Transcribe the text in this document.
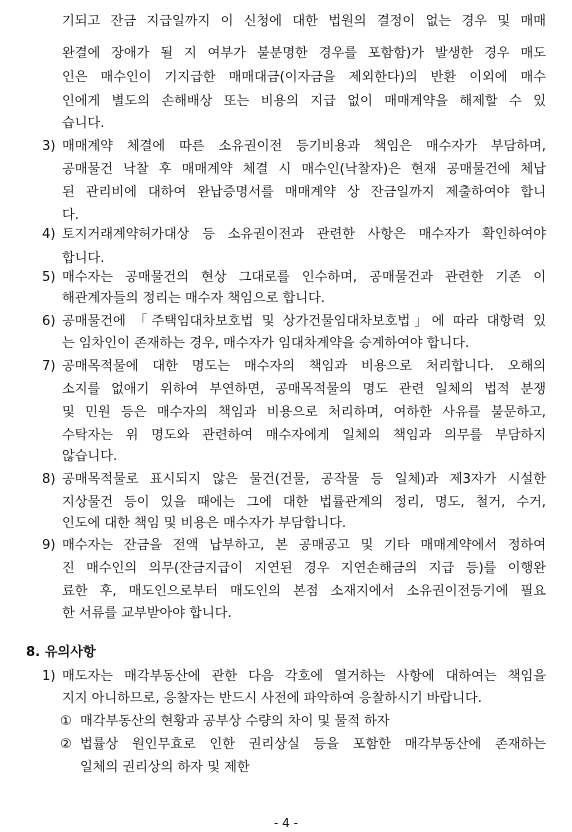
기되고 잔금 지급일까지 이 신청에 대한 법원의 결정이 없는 경우 및 매매
완결에 장애가 될 지 여부가 불분명한 경우를 포함함)가 발생한 경우 매도
인은 매수인이 기지급한 매매대금(이자금을 제외한다)의 반환 이외에 매수
인에게 별도의 손해배상 또는 비용의 지급 없이 매매계약을 해제할 수 있
습니다.
3) 매매계약 체결에 따른 소유권이전 등기비용과 책임은 매수자가 부담하며,
공매물건 낙찰 후 매매계약 체결 시 매수인(낙찰자)은 현재 공매물건에 체납
된 관리비에 대하여 완납증명서를 매매계약 상 잔금일까지 제출하여야 합니
다.
4) 토지거래계약허가대상 등 소유권이전과 관련한 사항은 매수자가 확인하여야
합니다.
5) 매수자는 공매물건의 현상 그대로를 인수하며, 공매물건과 관련한 기존 이
해관계자들의 정리는 매수자 책임으로 합니다.
6) 공매물건에 「주택임대차보호법 및 상가건물임대차보호법」에 따라 대항력 있
는 임차인이 존재하는 경우, 매수자가 임대차계약을 승계하여야 합니다.
7) 공매목적물에 대한 명도는 매수자의 책임과 비용으로 처리합니다. 오해의
소지를 없애기 위하여 부연하면, 공매목적물의 명도 관련 일체의 법적 분쟁
및 민원 등은 매수자의 책임과 비용으로 처리하며, 여하한 사유를 불문하고,
수탁자는 위 명도와 관련하여 매수자에게 일체의 책임과 의무를 부담하지
않습니다.
8) 공매목적물로 표시되지 않은 물건(건물, 공작물 등 일체)과 제3자가 시설한
지상물건 등이 있을 때에는 그에 대한 법률관계의 정리, 명도, 철거, 수거,
인도에 대한 책임 및 비용은 매수자가 부담합니다.
9) 매수자는 잔금을 전액 납부하고, 본 공매공고 및 기타 매매계약에서 정하여
진 매수인의 의무(잔금지급이 지연된 경우 지연손해금의 지급 등)를 이행완
료한 후, 매도인으로부터 매도인의 본점 소재지에서 소유권이전등기에 필요
한 서류를 교부받아야 합니다.
8. 유의사항
1) 매도자는 매각부동산에 관한 다음 각호에 열거하는 사항에 대하여는 책임을
지지 아니하므로, 응찰자는 반드시 사전에 파악하여 응찰하시기 바랍니다.
① 매각부동산의 현황과 공부상 수량의 차이 및 물적 하자
② 법률상 원인무효로 인한 권리상실 등을 포함한 매각부동산에 존재하는
일체의 권리상의 하자 및 제한
- 4 -
